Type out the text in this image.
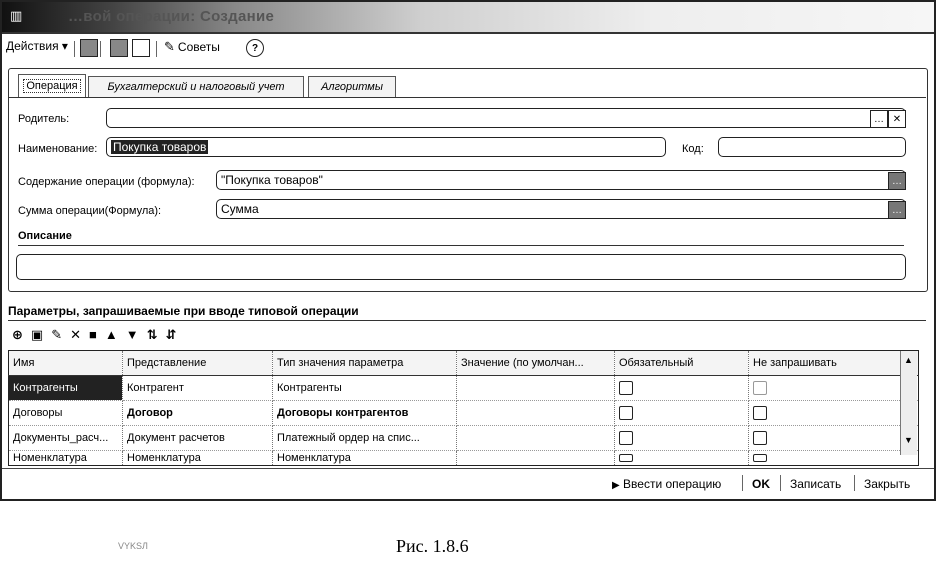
▥	…вой операции: Создание
Действия ▾	✎ Советы	?
Операция	Бухгалтерский и налоговый учет	Алгоритмы
Родитель:	… ✕
Наименование: Покупка товаров	Код:
Содержание операции (формула): "Покупка товаров"	…
Сумма операции(Формула):	Сумма	…
Описание
Параметры, запрашиваемые при вводе типовой операции
⊕ ▣ ✎ ✕ ■ ▲ ▼ ⇅ ⇵
Имя	Представление	Тип значения параметра	Значение (по умолчан...	Обязательный	Не запрашивать
Контрагенты	Контрагент	Контрагенты			
Договоры	Договор	Договоры контрагентов			
Документы_расч...	Документ расчетов	Платежный ордер на спис...			
Номенклатура	Номенклатура	Номенклатура			
▲
▼
▶ Ввести операцию	OK Записать Закрыть
VYKSЛ	Рис. 1.8.6
